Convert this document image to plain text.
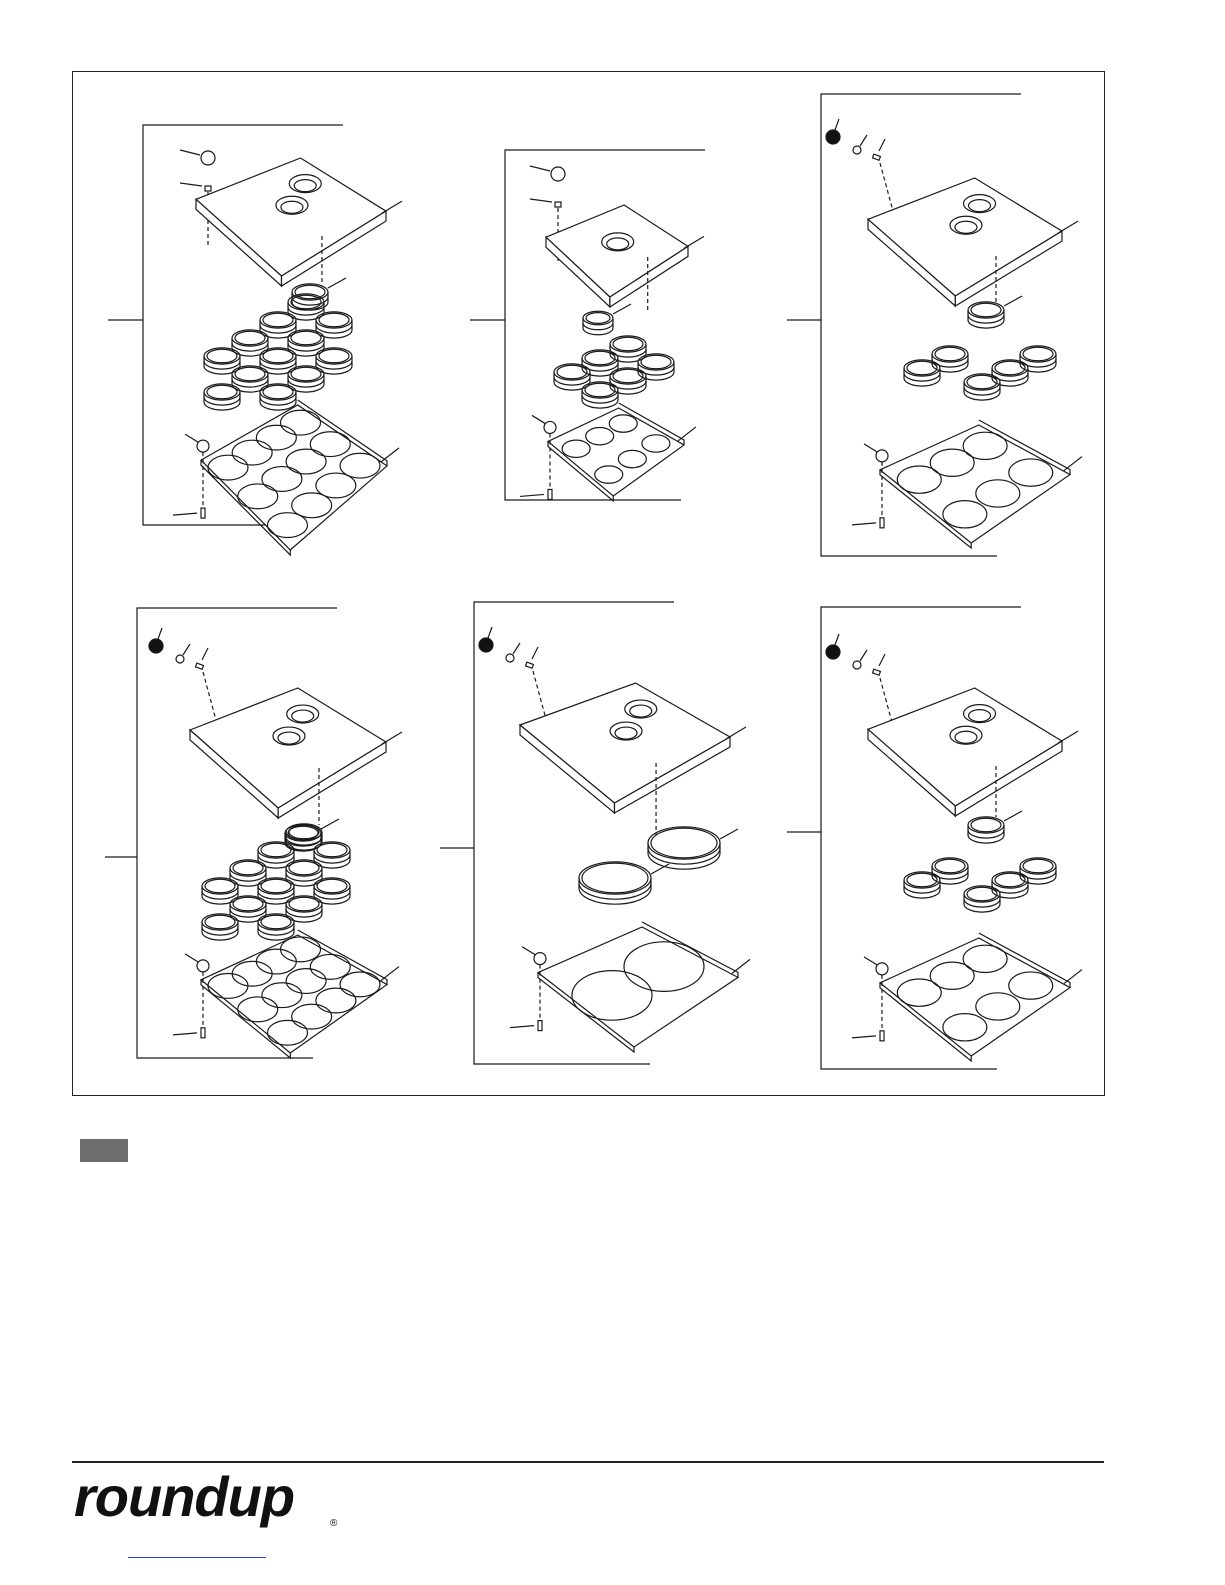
roundup	®
